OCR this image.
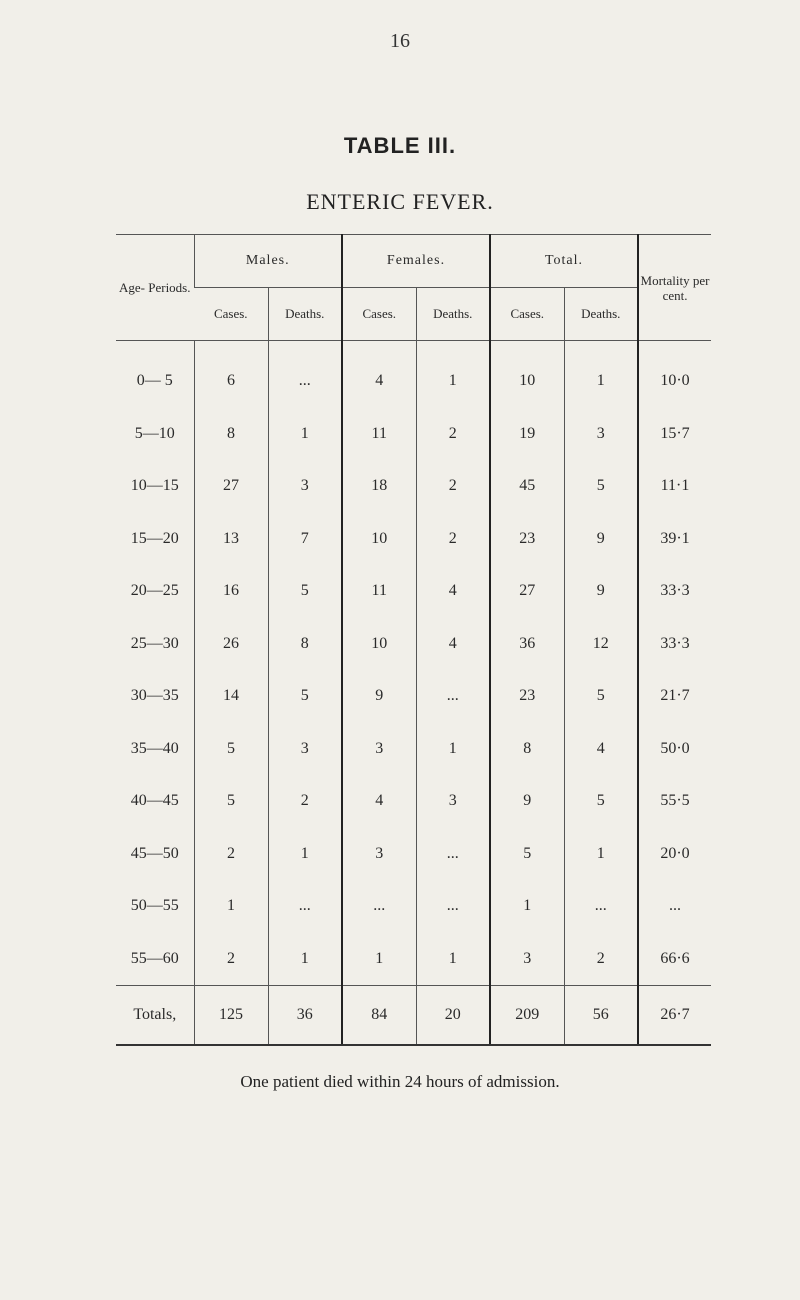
16
TABLE III.
ENTERIC FEVER.
Age- Periods.	Males.		Females.		Total.		Mortality per cent.
	Cases.	Deaths.	Cases.	Deaths.	Cases.	Deaths.	
0— 5	6	...	4	1	10	1	10·0
5—10	8	1	11	2	19	3	15·7
10—15	27	3	18	2	45	5	11·1
15—20	13	7	10	2	23	9	39·1
20—25	16	5	11	4	27	9	33·3
25—30	26	8	10	4	36	12	33·3
30—35	14	5	9	...	23	5	21·7
35—40	5	3	3	1	8	4	50·0
40—45	5	2	4	3	9	5	55·5
45—50	2	1	3	...	5	1	20·0
50—55	1	...	...	...	1	...	...
55—60	2	1	1	1	3	2	66·6
Totals,	125	36	84	20	209	56	26·7
One patient died within 24 hours of admission.
